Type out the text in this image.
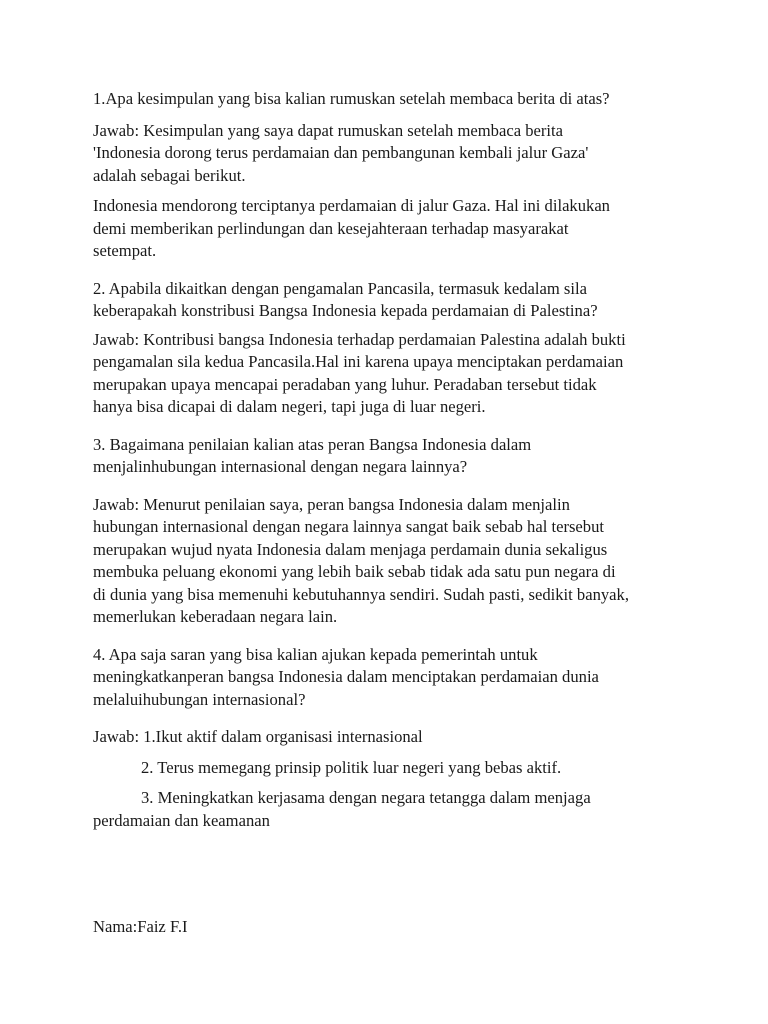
1.Apa kesimpulan yang bisa kalian rumuskan setelah membaca berita di atas?

Jawab: Kesimpulan yang saya dapat rumuskan setelah membaca berita
'Indonesia dorong terus perdamaian dan pembangunan kembali jalur Gaza'
adalah sebagai berikut.

Indonesia mendorong terciptanya perdamaian di jalur Gaza. Hal ini dilakukan
demi memberikan perlindungan dan kesejahteraan terhadap masyarakat
setempat.

2. Apabila dikaitkan dengan pengamalan Pancasila, termasuk kedalam sila
keberapakah konstribusi Bangsa Indonesia kepada perdamaian di Palestina?

Jawab: Kontribusi bangsa Indonesia terhadap perdamaian Palestina adalah bukti
pengamalan sila kedua Pancasila.Hal ini karena upaya menciptakan perdamaian
merupakan upaya mencapai peradaban yang luhur. Peradaban tersebut tidak
hanya bisa dicapai di dalam negeri, tapi juga di luar negeri.

3. Bagaimana penilaian kalian atas peran Bangsa Indonesia dalam
menjalinhubungan internasional dengan negara lainnya?

Jawab: Menurut penilaian saya, peran bangsa Indonesia dalam menjalin
hubungan internasional dengan negara lainnya sangat baik sebab hal tersebut
merupakan wujud nyata Indonesia dalam menjaga perdamain dunia sekaligus
membuka peluang ekonomi yang lebih baik sebab tidak ada satu pun negara di
di dunia yang bisa memenuhi kebutuhannya sendiri. Sudah pasti, sedikit banyak,
memerlukan keberadaan negara lain.

4. Apa saja saran yang bisa kalian ajukan kepada pemerintah untuk
meningkatkanperan bangsa Indonesia dalam menciptakan perdamaian dunia
melaluihubungan internasional?

Jawab: 1.Ikut aktif dalam organisasi internasional

2. Terus memegang prinsip politik luar negeri yang bebas aktif.

3. Meningkatkan kerjasama dengan negara tetangga dalam menjaga
perdamaian dan keamanan

Nama:Faiz F.I
